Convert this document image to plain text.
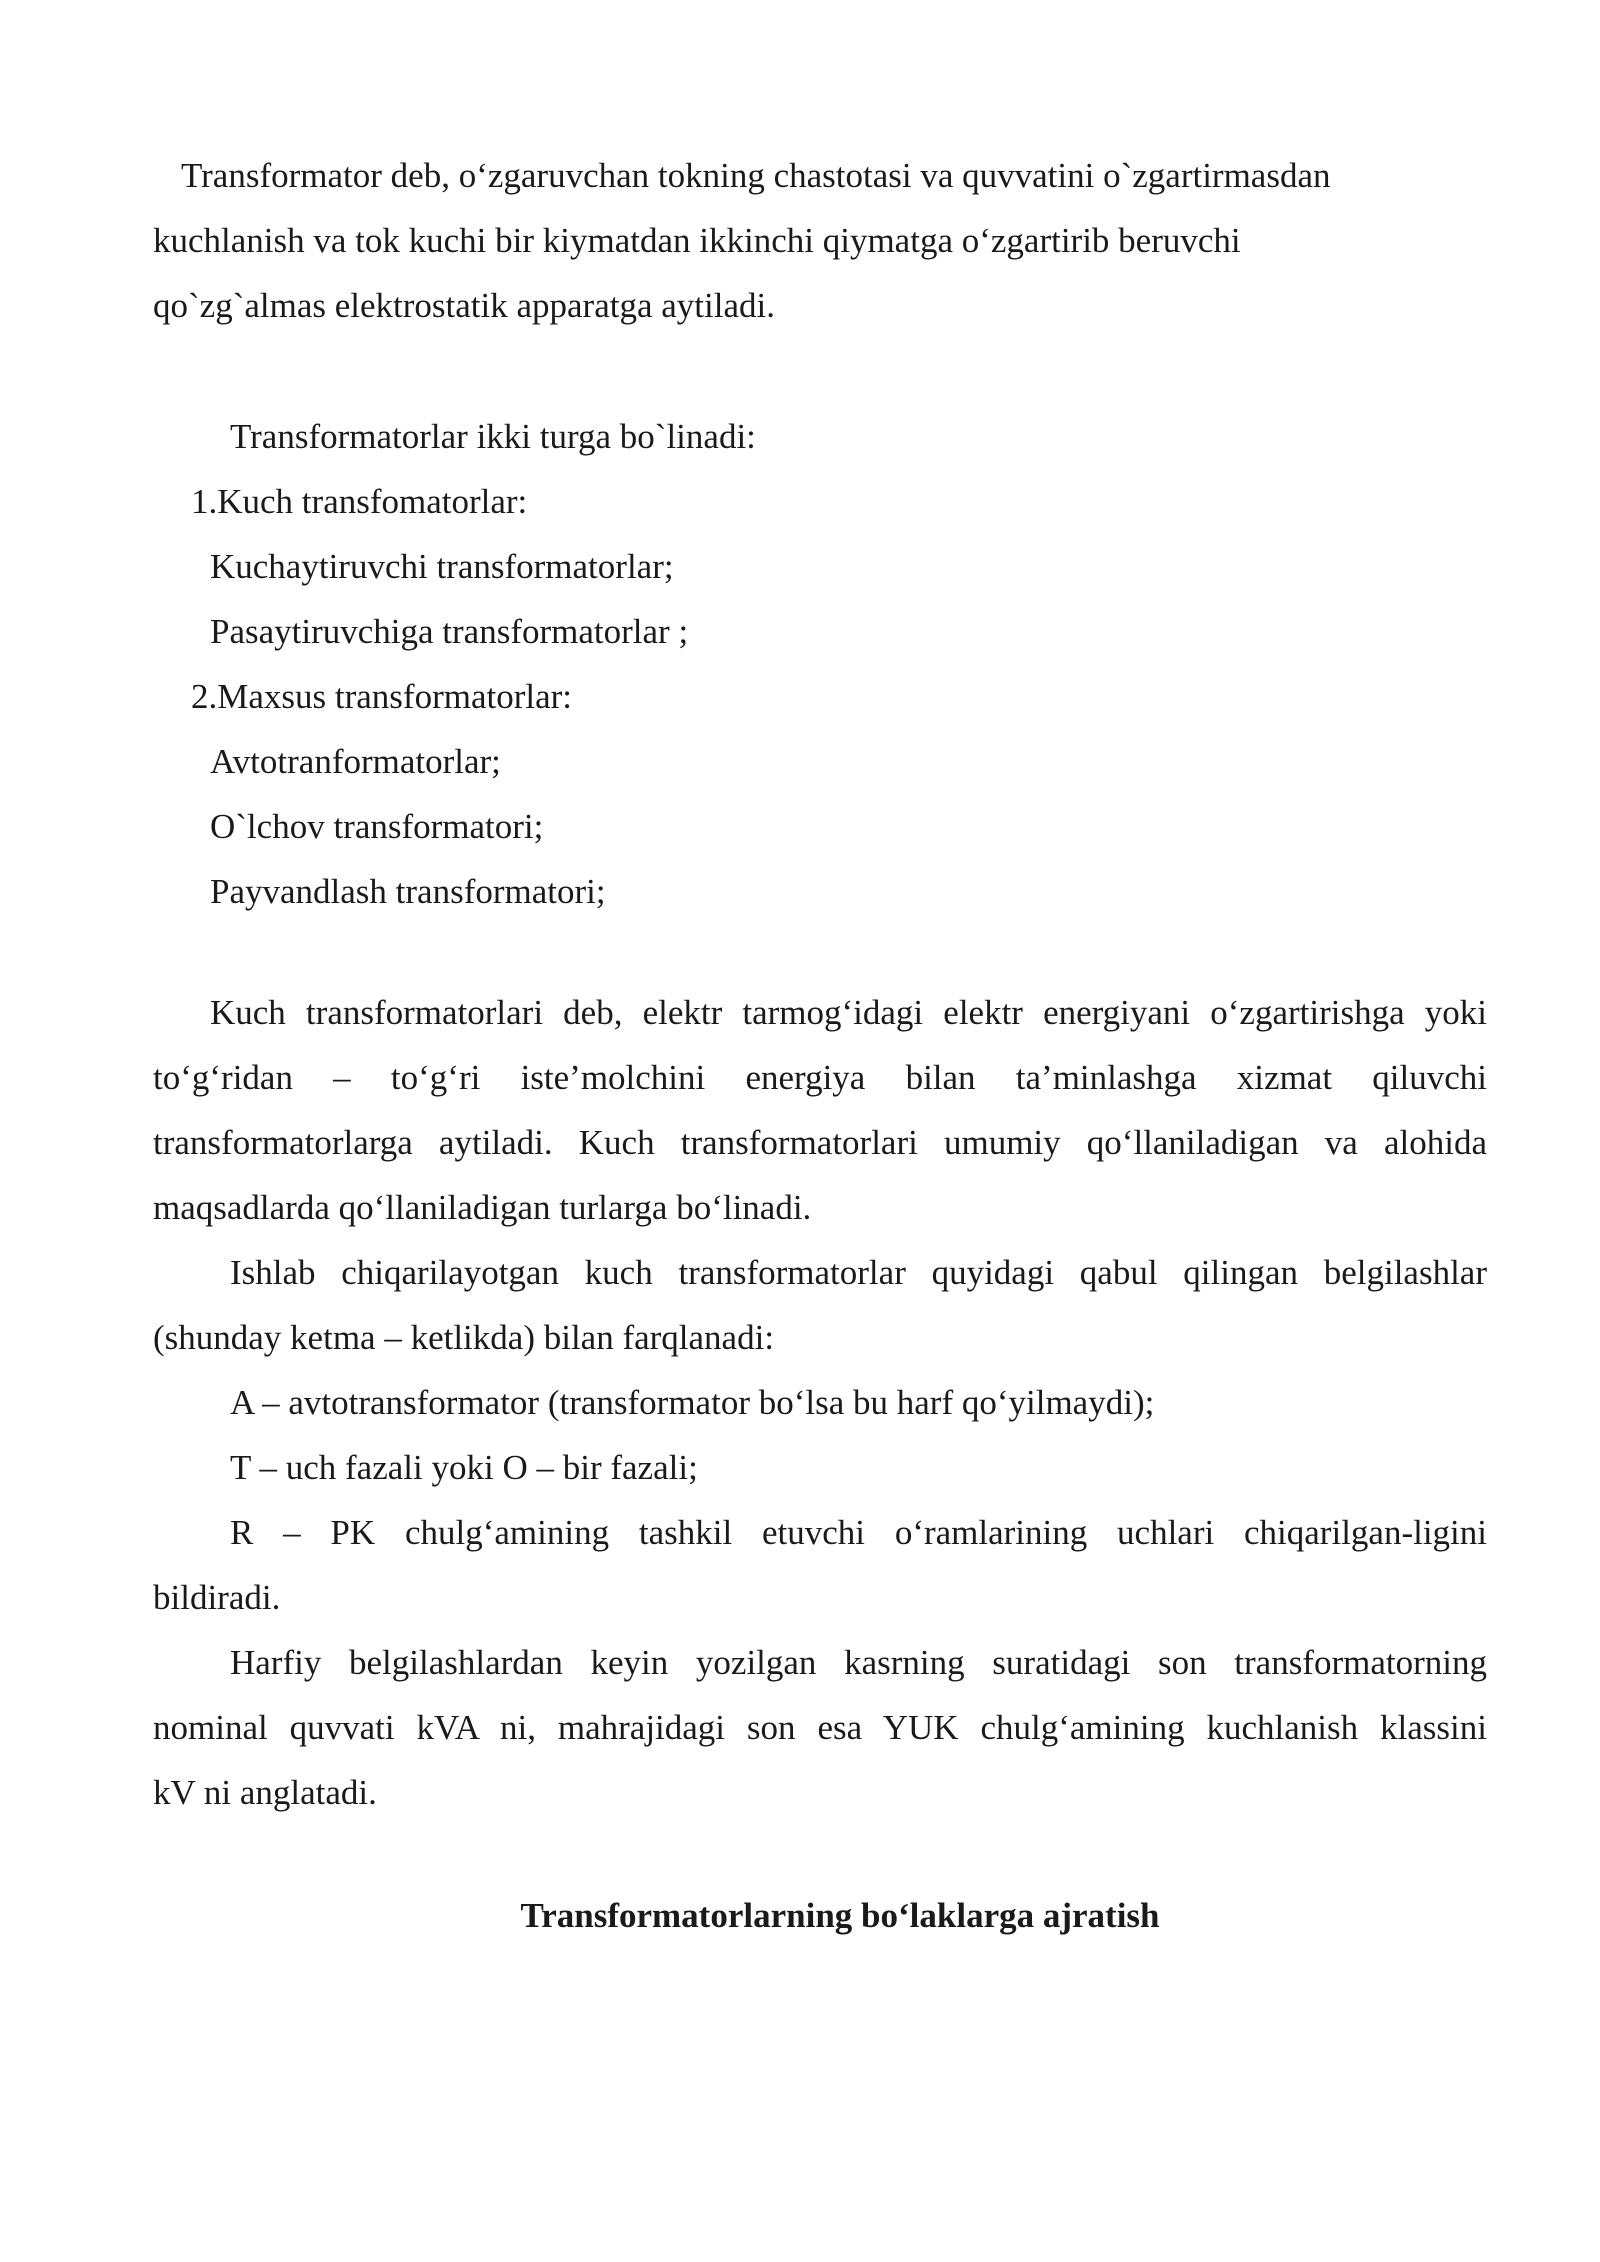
Transformator deb, o‘zgaruvchan tokning chastotasi va quvvatini o`zgartirmasdan
kuchlanish va tok kuchi bir kiymatdan ikkinchi qiymatga o‘zgartirib beruvchi
qo`zg`almas elektrostatik apparatga aytiladi.
Transformatorlar ikki turga bo`linadi:
1.Kuch transfomatorlar:
Kuchaytiruvchi transformatorlar;
Pasaytiruvchiga transformatorlar ;
2.Maxsus transformatorlar:
Avtotranformatorlar;
O`lchov transformatori;
Payvandlash transformatori;
Kuch transformatorlari deb, elektr tarmog‘idagi elektr energiyani o‘zgartirishga yoki
to‘g‘ridan – to‘g‘ri iste’molchini energiya bilan ta’minlashga xizmat qiluvchi
transformatorlarga aytiladi. Kuch transformatorlari umumiy qo‘llaniladigan va alohida
maqsadlarda qo‘llaniladigan turlarga bo‘linadi.
Ishlab chiqarilayotgan kuch transformatorlar quyidagi qabul qilingan belgilashlar
(shunday ketma – ketlikda) bilan farqlanadi:
A – avtotransformator (transformator bo‘lsa bu harf qo‘yilmaydi);
T – uch fazali yoki O – bir fazali;
R – PK chulg‘amining tashkil etuvchi o‘ramlarining uchlari chiqarilgan-ligini
bildiradi.
Harfiy belgilashlardan keyin yozilgan kasrning suratidagi son transformatorning
nominal quvvati kVA ni, mahrajidagi son esa YUK chulg‘amining kuchlanish klassini
kV ni anglatadi.
Transformatorlarning bo‘laklarga ajratish
